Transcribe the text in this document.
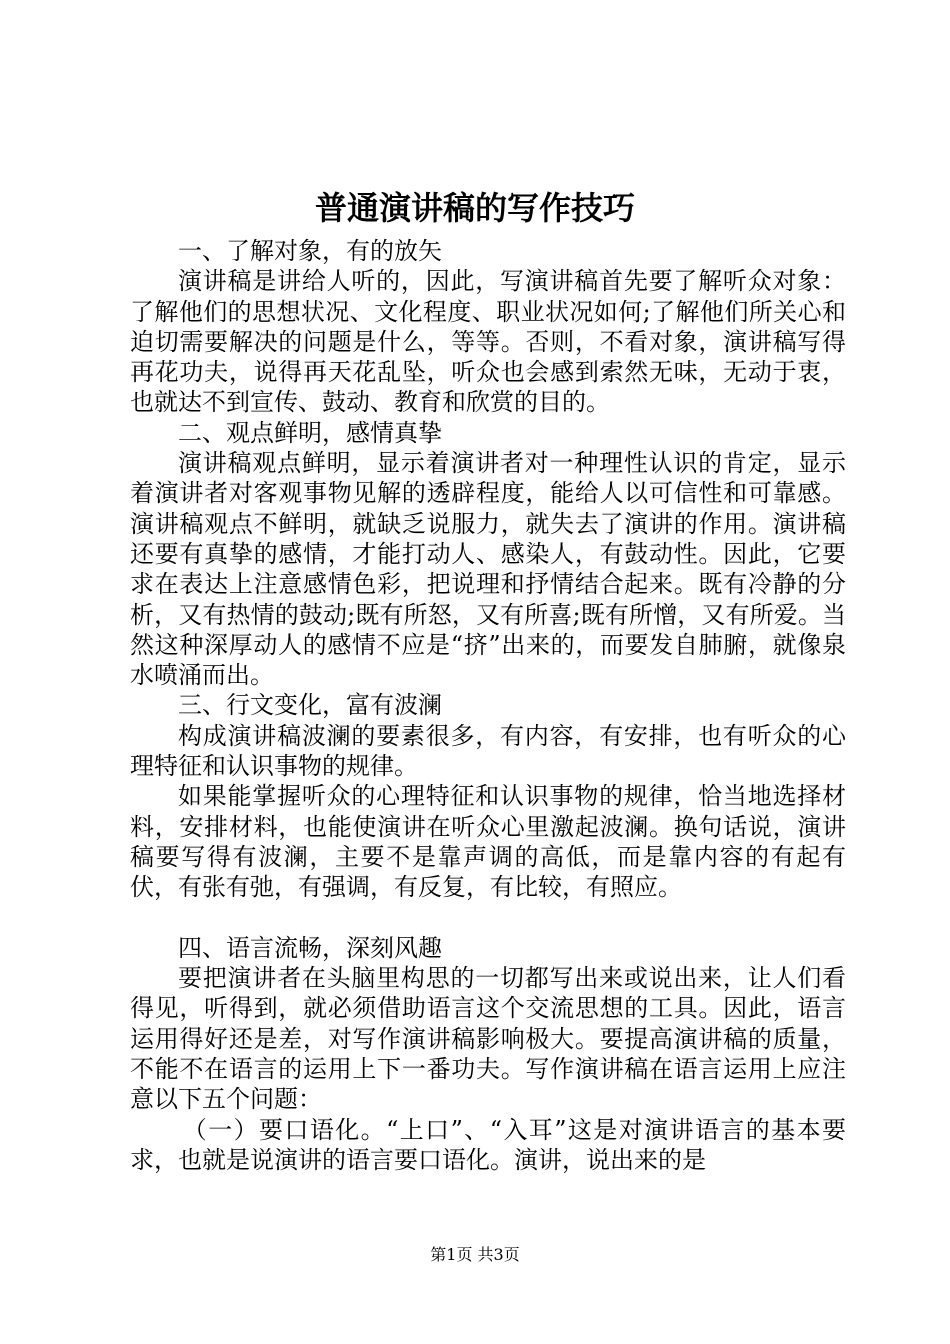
普通演讲稿的写作技巧

一、了解对象，有的放矢

演讲稿是讲给人听的，因此，写演讲稿首先要了解听众对象：了解他们的思想状况、文化程度、职业状况如何;了解他们所关心和迫切需要解决的问题是什么，等等。否则，不看对象，演讲稿写得再花功夫，说得再天花乱坠，听众也会感到索然无味，无动于衷，也就达不到宣传、鼓动、教育和欣赏的目的。

二、观点鲜明，感情真挚

演讲稿观点鲜明，显示着演讲者对一种理性认识的肯定，显示着演讲者对客观事物见解的透辟程度，能给人以可信性和可靠感。演讲稿观点不鲜明，就缺乏说服力，就失去了演讲的作用。演讲稿还要有真挚的感情，才能打动人、感染人，有鼓动性。因此，它要求在表达上注意感情色彩，把说理和抒情结合起来。既有冷静的分析，又有热情的鼓动;既有所怒，又有所喜;既有所憎，又有所爱。当然这种深厚动人的感情不应是“挤”出来的，而要发自肺腑，就像泉水喷涌而出。

三、行文变化，富有波澜

构成演讲稿波澜的要素很多，有内容，有安排，也有听众的心理特征和认识事物的规律。

如果能掌握听众的心理特征和认识事物的规律，恰当地选择材料，安排材料，也能使演讲在听众心里激起波澜。换句话说，演讲稿要写得有波澜，主要不是靠声调的高低，而是靠内容的有起有伏，有张有弛，有强调，有反复，有比较，有照应。

四、语言流畅，深刻风趣

要把演讲者在头脑里构思的一切都写出来或说出来，让人们看得见，听得到，就必须借助语言这个交流思想的工具。因此，语言运用得好还是差，对写作演讲稿影响极大。要提高演讲稿的质量，不能不在语言的运用上下一番功夫。写作演讲稿在语言运用上应注意以下五个问题：

（一）要口语化。“上口”、“入耳”这是对演讲语言的基本要求，也就是说演讲的语言要口语化。演讲，说出来的是

第1页 共3页
